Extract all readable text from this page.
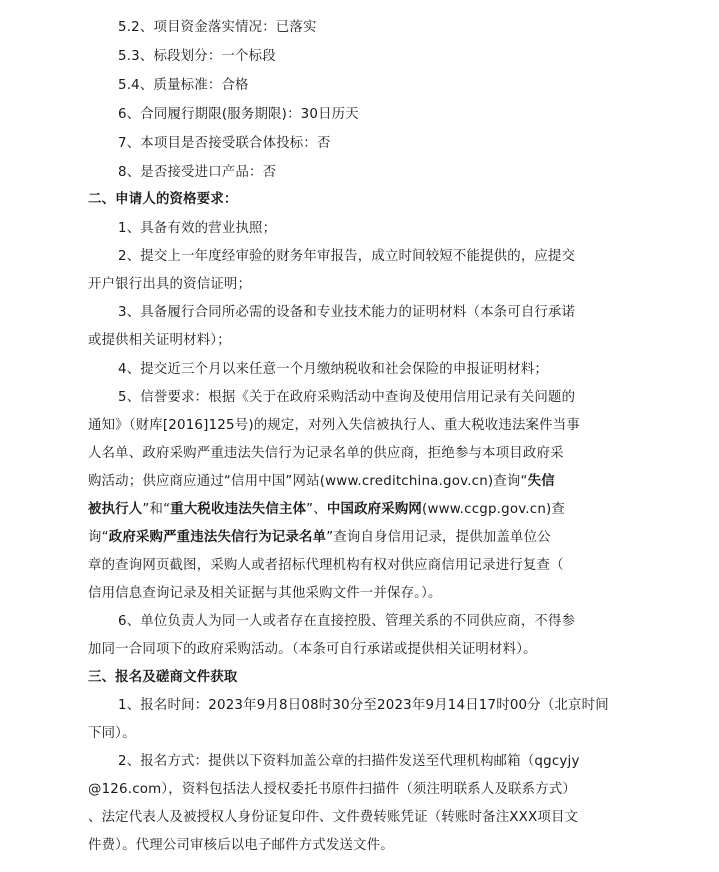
5.2、项目资金落实情况：已落实
5.3、标段划分：一个标段
5.4、质量标准：合格
6、合同履行期限(服务期限)：30日历天
7、本项目是否接受联合体投标：否
8、是否接受进口产品：否
二、申请人的资格要求：
1、具备有效的营业执照；
2、提交上一年度经审验的财务年审报告，成立时间较短不能提供的，应提交
开户银行出具的资信证明；
3、具备履行合同所必需的设备和专业技术能力的证明材料（本条可自行承诺
或提供相关证明材料）；
4、提交近三个月以来任意一个月缴纳税收和社会保险的申报证明材料；
5、信誉要求：根据《关于在政府采购活动中查询及使用信用记录有关问题的
通知》（财库[2016]125号)的规定，对列入失信被执行人、重大税收违法案件当事
人名单、政府采购严重违法失信行为记录名单的供应商，拒绝参与本项目政府采
购活动；供应商应通过“信用中国”网站(www.creditchina.gov.cn)查询“失信
被执行人”和“重大税收违法失信主体”、中国政府采购网(www.ccgp.gov.cn)查
询“政府采购严重违法失信行为记录名单”查询自身信用记录，提供加盖单位公
章的查询网页截图，采购人或者招标代理机构有权对供应商信用记录进行复查（
信用信息查询记录及相关证据与其他采购文件一并保存。）。
6、单位负责人为同一人或者存在直接控股、管理关系的不同供应商，不得参
加同一合同项下的政府采购活动。（本条可自行承诺或提供相关证明材料）。
三、报名及磋商文件获取
1、报名时间：2023年9月8日08时30分至2023年9月14日17时00分（北京时间
下同）。
2、报名方式：提供以下资料加盖公章的扫描件发送至代理机构邮箱（qgcyjy
@126.com），资料包括法人授权委托书原件扫描件（须注明联系人及联系方式）
、法定代表人及被授权人身份证复印件、文件费转账凭证（转账时备注XXX项目文
件费）。代理公司审核后以电子邮件方式发送文件。
